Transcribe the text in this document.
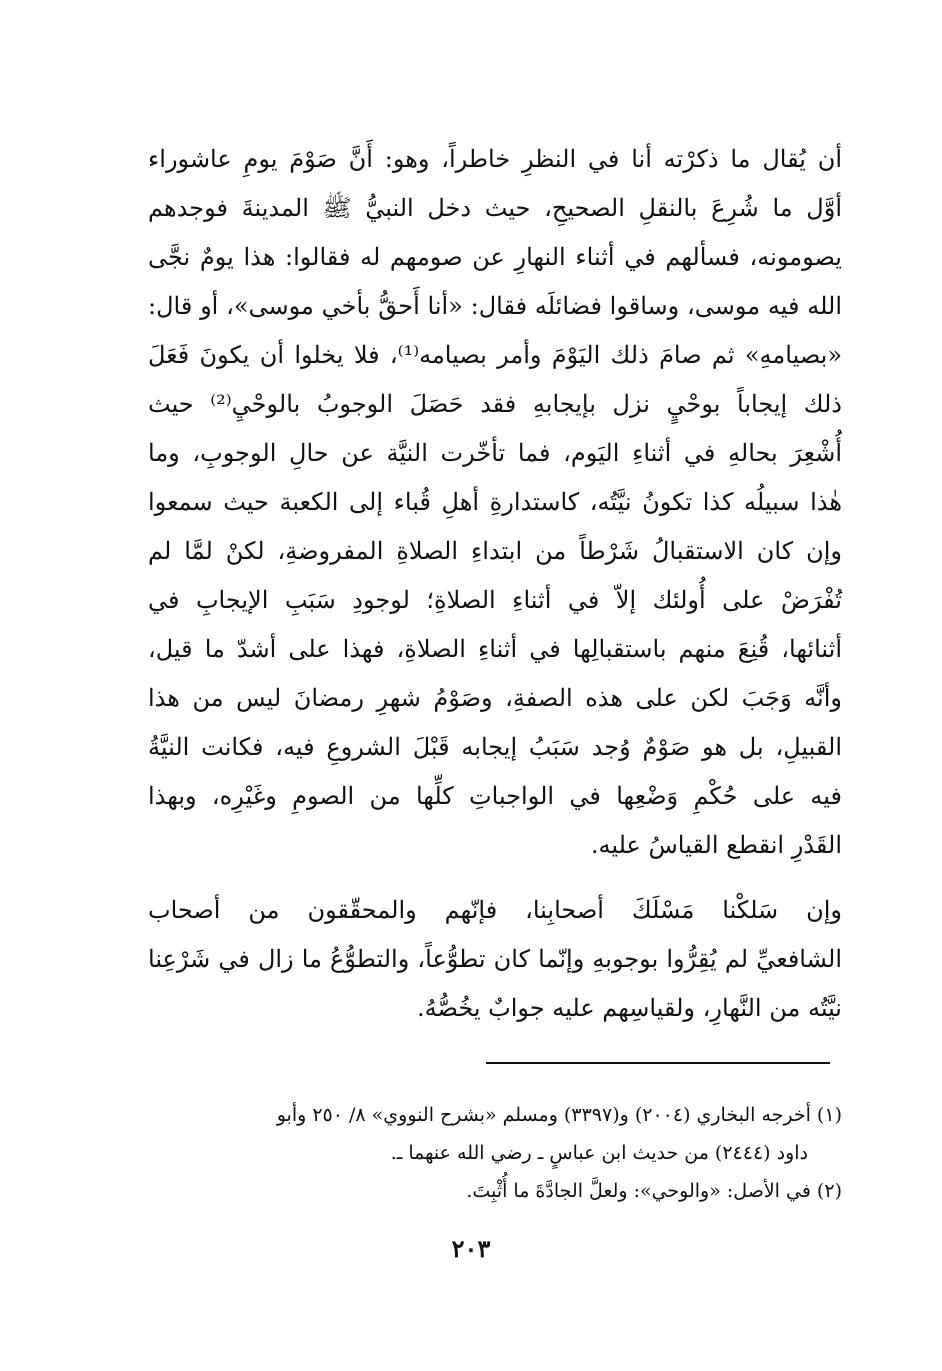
أن يُقال ما ذكرْته أنا في النظرِ خاطراً، وهو: أَنَّ صَوْمَ يومِ عاشوراء
أوَّل ما شُرِعَ بالنقلِ الصحيحِ، حيث دخل النبيُّ ﷺ المدينةَ فوجدهم
يصومونه، فسألهم في أثناء النهارِ عن صومهم له فقالوا: هذا يومٌ نجَّى
الله فيه موسى، وساقوا فضائلَه فقال: «أنا أَحقُّ بأخي موسى»، أو قال:
«بصيامهِ» ثم صامَ ذلك اليَوْمَ وأمر بصيامه⁽¹⁾، فلا يخلوا أن يكونَ فَعَلَ
ذلك إيجاباً بوحْيٍ نزل بإيجابهِ فقد حَصَلَ الوجوبُ بالوحْيِ⁽²⁾ حيث
أُشْعِرَ بحالهِ في أثناءِ اليَوم، فما تأخّرت النيَّة عن حالِ الوجوبِ، وما
هٰذا سبيلُه كذا تكونُ نيَّتُه، كاستدارةِ أهلِ قُباء إلى الكعبة حيث سمعوا
وإن كان الاستقبالُ شَرْطاً من ابتداءِ الصلاةِ المفروضةِ، لكنْ لمَّا لم
تُفْرَضْ على أُولئك إلاّ في أثناءِ الصلاةِ؛ لوجودِ سَبَبِ الإيجابِ في
أثنائها، قُنِعَ منهم باستقبالِها في أثناءِ الصلاةِ، فهذا على أشدّ ما قيل،
وأنَّه وَجَبَ لكن على هذه الصفةِ، وصَوْمُ شهرِ رمضانَ ليس من هذا
القبيلِ، بل هو صَوْمٌ وُجد سَبَبُ إيجابه قَبْلَ الشروعِ فيه، فكانت النيَّةُ
فيه على حُكْمِ وَضْعِها في الواجباتِ كلِّها من الصومِ وغَيْرِه، وبهذا
القَدْرِ انقطع القياسُ عليه.

وإن سَلكْنا مَسْلَكَ أصحابِنا، فإنّهم والمحقّقون من أصحاب
الشافعيِّ لم يُقِرُّوا بوجوبهِ وإنّما كان تطوُّعاً، والتطوُّعُ ما زال في شَرْعِنا
نيَّتُه من النَّهارِ، ولقياسِهم عليه جوابٌ يخُصُّهُ.

(١) أخرجه البخاري (٢٠٠٤) و(٣٣٩٧) ومسلم «بشرح النووي» ٨/ ٢٥٠ وأبو
داود (٢٤٤٤) من حديث ابن عباسٍ ـ رضي الله عنهما ـ.

(٢) في الأصل: «والوحي»: ولعلَّ الجادَّةَ ما أُثْبِتَ.

٢٠٣
